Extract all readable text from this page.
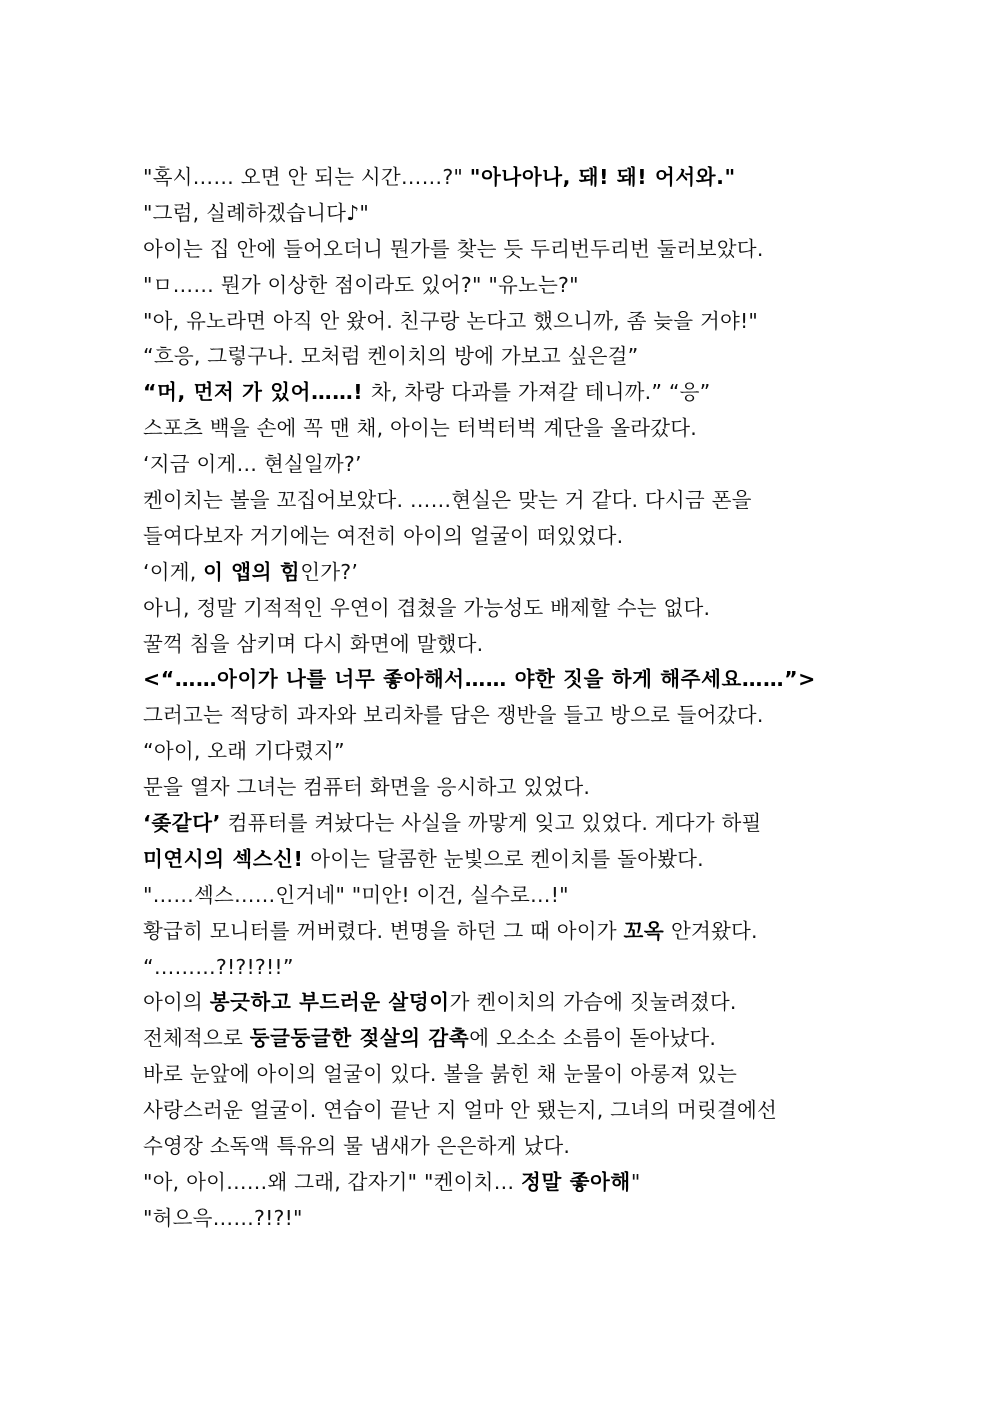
"혹시…… 오면 안 되는 시간……?" "아나아나, 돼! 돼! 어서와."
"그럼, 실례하겠습니다♪"
아이는 집 안에 들어오더니 뭔가를 찾는 듯 두리번두리번 둘러보았다.
"ㅁ…… 뭔가 이상한 점이라도 있어?" "유노는?"
"아, 유노라면 아직 안 왔어. 친구랑 논다고 했으니까, 좀 늦을 거야!"
“흐응, 그렇구나. 모처럼 켄이치의 방에 가보고 싶은걸”
“머, 먼저 가 있어……! 차, 차랑 다과를 가져갈 테니까.” “응”
스포츠 백을 손에 꼭 맨 채, 아이는 터벅터벅 계단을 올라갔다.
‘지금 이게… 현실일까?’
켄이치는 볼을 꼬집어보았다. ……현실은 맞는 거 같다. 다시금 폰을
들여다보자 거기에는 여전히 아이의 얼굴이 떠있었다.
‘이게, 이 앱의 힘인가?’
아니, 정말 기적적인 우연이 겹쳤을 가능성도 배제할 수는 없다.
꿀꺽 침을 삼키며 다시 화면에 말했다.
<“……아이가 나를 너무 좋아해서…… 야한 짓을 하게 해주세요……”>
그러고는 적당히 과자와 보리차를 담은 쟁반을 들고 방으로 들어갔다.
“아이, 오래 기다렸지”
문을 열자 그녀는 컴퓨터 화면을 응시하고 있었다.
‘좆같다’ 컴퓨터를 켜놨다는 사실을 까맣게 잊고 있었다. 게다가 하필
미연시의 섹스신! 아이는 달콤한 눈빛으로 켄이치를 돌아봤다.
"……섹스……인거네" "미안! 이건, 실수로…!"
황급히 모니터를 꺼버렸다. 변명을 하던 그 때 아이가 꼬옥 안겨왔다.
“………?!?!?!!”
아이의 봉긋하고 부드러운 살덩이가 켄이치의 가슴에 짓눌려졌다.
전체적으로 둥글둥글한 젖살의 감촉에 오소소 소름이 돋아났다.
바로 눈앞에 아이의 얼굴이 있다. 볼을 붉힌 채 눈물이 아롱져 있는
사랑스러운 얼굴이. 연습이 끝난 지 얼마 안 됐는지, 그녀의 머릿결에선
수영장 소독액 특유의 물 냄새가 은은하게 났다.
"아, 아이……왜 그래, 갑자기" "켄이치… 정말 좋아해"
"허으윽……?!?!"
